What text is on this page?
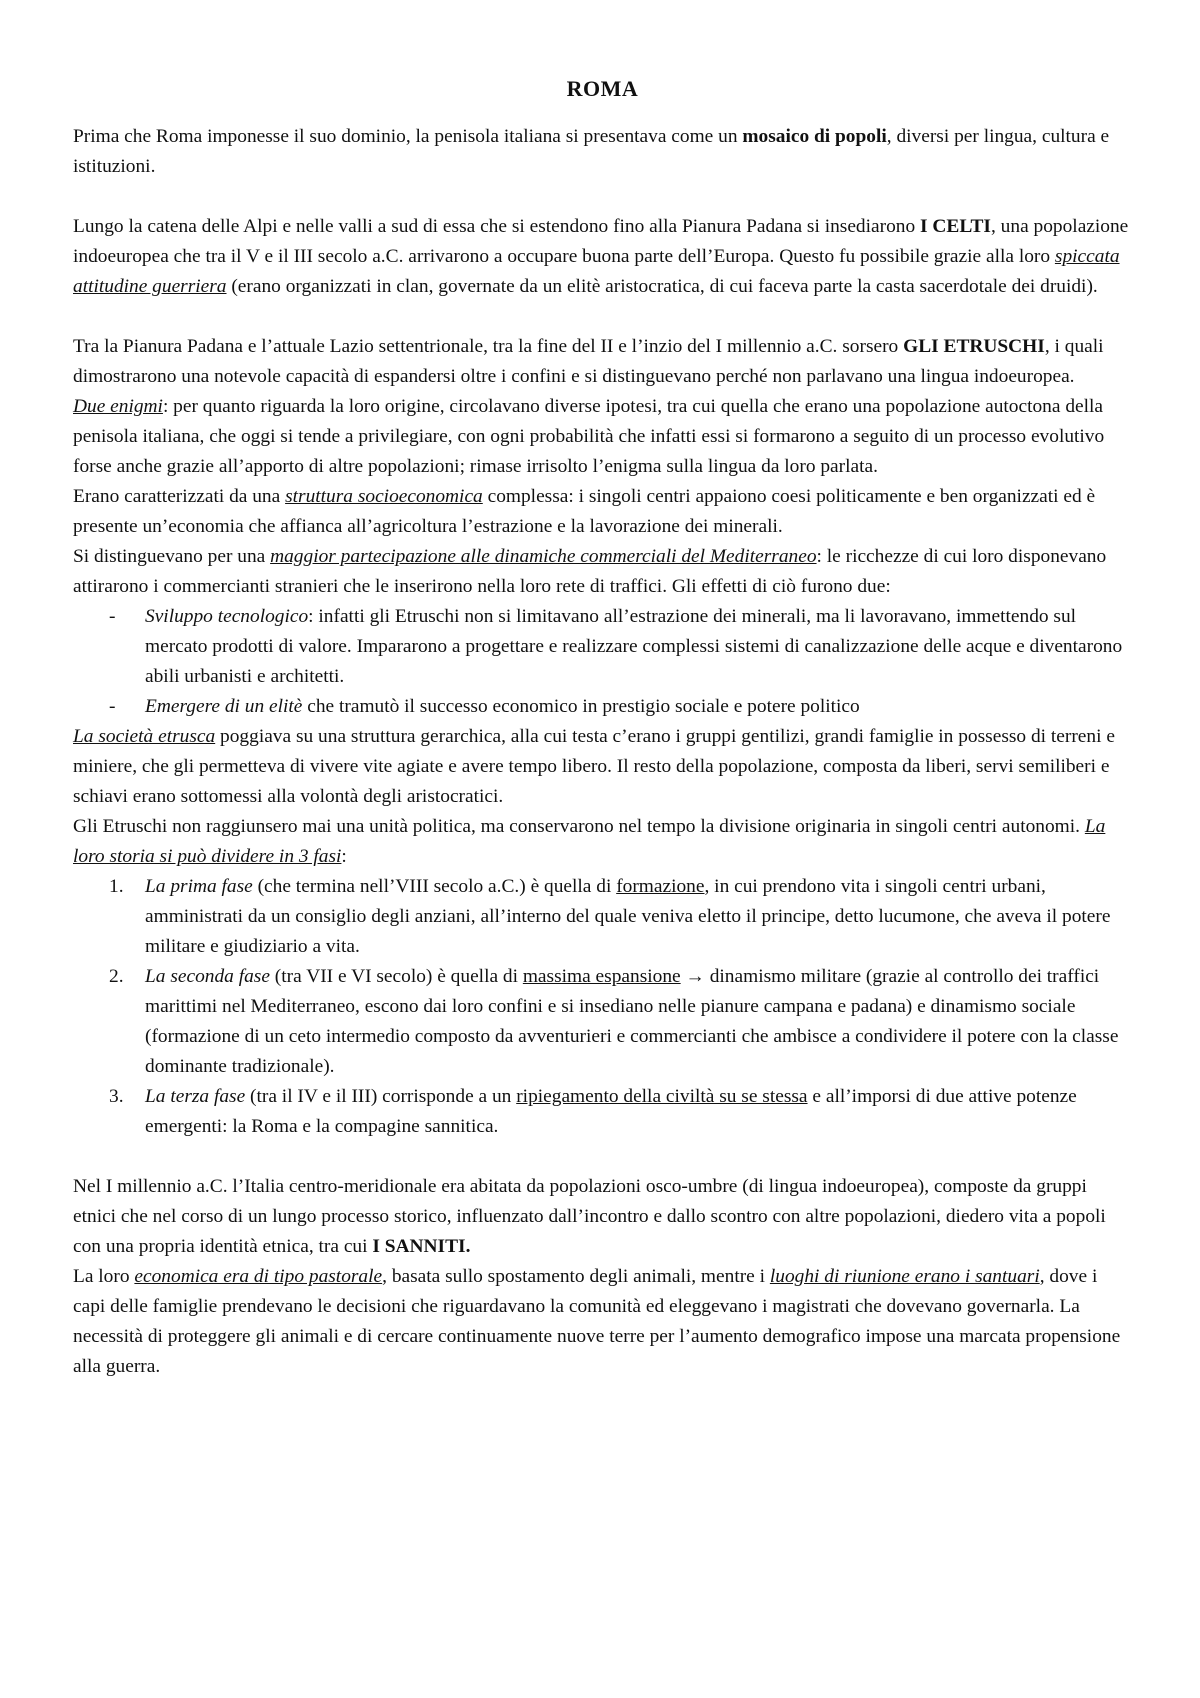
ROMA

Prima che Roma imponesse il suo dominio, la penisola italiana si presentava come un mosaico di popoli, diversi per lingua, cultura e istituzioni.

Lungo la catena delle Alpi e nelle valli a sud di essa che si estendono fino alla Pianura Padana si insediarono I CELTI, una popolazione indoeuropea che tra il V e il III secolo a.C. arrivarono a occupare buona parte dell’Europa. Questo fu possibile grazie alla loro spiccata attitudine guerriera (erano organizzati in clan, governate da un elitè aristocratica, di cui faceva parte la casta sacerdotale dei druidi).

Tra la Pianura Padana e l’attuale Lazio settentrionale, tra la fine del II e l’inzio del I millennio a.C. sorsero GLI ETRUSCHI, i quali dimostrarono una notevole capacità di espandersi oltre i confini e si distinguevano perché non parlavano una lingua indoeuropea.

Due enigmi: per quanto riguarda la loro origine, circolavano diverse ipotesi, tra cui quella che erano una popolazione autoctona della penisola italiana, che oggi si tende a privilegiare, con ogni probabilità che infatti essi si formarono a seguito di un processo evolutivo forse anche grazie all’apporto di altre popolazioni; rimase irrisolto l’enigma sulla lingua da loro parlata.

Erano caratterizzati da una struttura socioeconomica complessa: i singoli centri appaiono coesi politicamente e ben organizzati ed è presente un’economia che affianca all’agricoltura l’estrazione e la lavorazione dei minerali.

Si distinguevano per una maggior partecipazione alle dinamiche commerciali del Mediterraneo: le ricchezze di cui loro disponevano attirarono i commercianti stranieri che le inserirono nella loro rete di traffici. Gli effetti di ciò furono due:

- Sviluppo tecnologico: infatti gli Etruschi non si limitavano all’estrazione dei minerali, ma li lavoravano, immettendo sul mercato prodotti di valore. Impararono a progettare e realizzare complessi sistemi di canalizzazione delle acque e diventarono abili urbanisti e architetti.
- Emergere di un elitè che tramutò il successo economico in prestigio sociale e potere politico

La società etrusca poggiava su una struttura gerarchica, alla cui testa c’erano i gruppi gentilizi, grandi famiglie in possesso di terreni e miniere, che gli permetteva di vivere vite agiate e avere tempo libero. Il resto della popolazione, composta da liberi, servi semiliberi e schiavi erano sottomessi alla volontà degli aristocratici.

Gli Etruschi non raggiunsero mai una unità politica, ma conservarono nel tempo la divisione originaria in singoli centri autonomi. La loro storia si può dividere in 3 fasi:

1. La prima fase (che termina nell’VIII secolo a.C.) è quella di formazione, in cui prendono vita i singoli centri urbani, amministrati da un consiglio degli anziani, all’interno del quale veniva eletto il principe, detto lucumone, che aveva il potere militare e giudiziario a vita.
2. La seconda fase (tra VII e VI secolo) è quella di massima espansione → dinamismo militare (grazie al controllo dei traffici marittimi nel Mediterraneo, escono dai loro confini e si insediano nelle pianure campana e padana) e dinamismo sociale (formazione di un ceto intermedio composto da avventurieri e commercianti che ambisce a condividere il potere con la classe dominante tradizionale).
3. La terza fase (tra il IV e il III) corrisponde a un ripiegamento della civiltà su se stessa e all’imporsi di due attive potenze emergenti: la Roma e la compagine sannitica.

Nel I millennio a.C. l’Italia centro-meridionale era abitata da popolazioni osco-umbre (di lingua indoeuropea), composte da gruppi etnici che nel corso di un lungo processo storico, influenzato dall’incontro e dallo scontro con altre popolazioni, diedero vita a popoli con una propria identità etnica, tra cui I SANNITI.

La loro economica era di tipo pastorale, basata sullo spostamento degli animali, mentre i luoghi di riunione erano i santuari, dove i capi delle famiglie prendevano le decisioni che riguardavano la comunità ed eleggevano i magistrati che dovevano governarla. La necessità di proteggere gli animali e di cercare continuamente nuove terre per l’aumento demografico impose una marcata propensione alla guerra.
